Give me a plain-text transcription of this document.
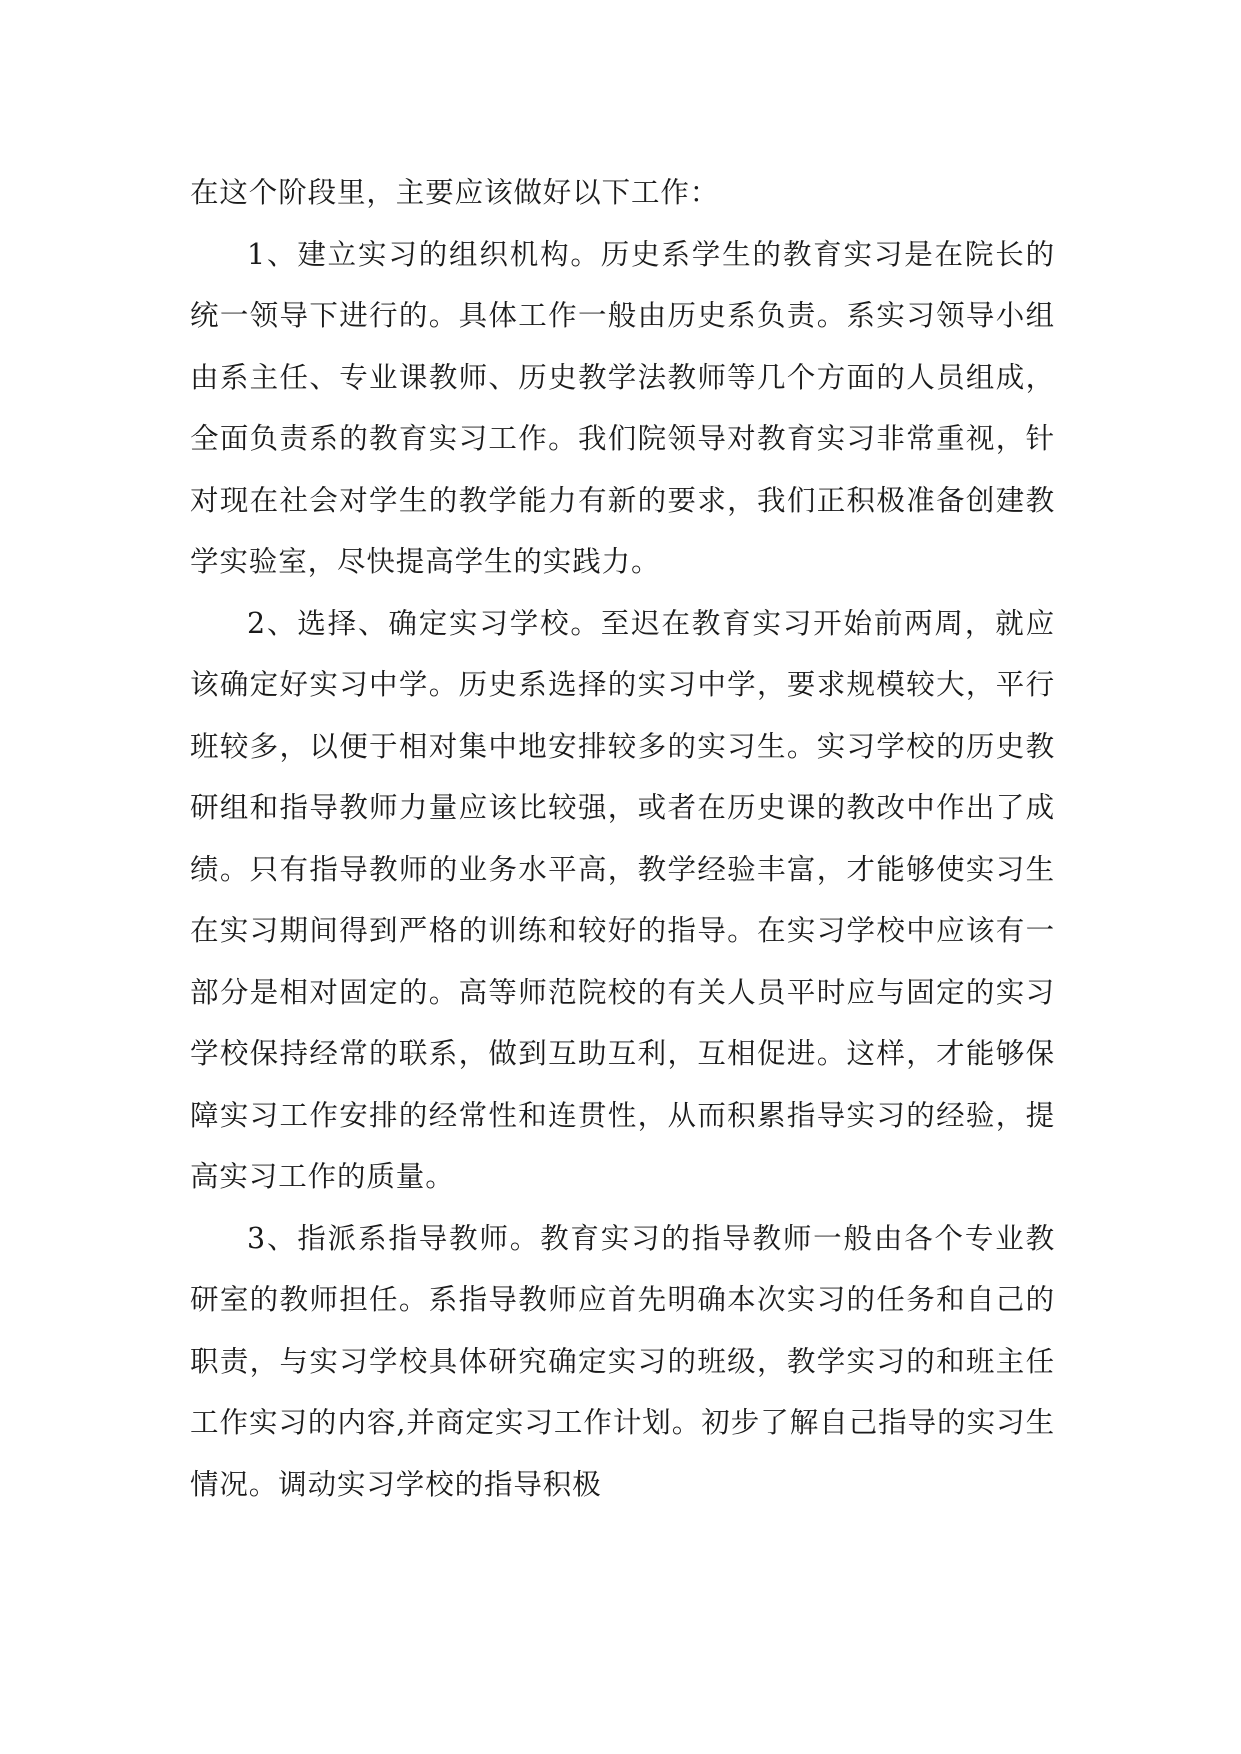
在这个阶段里，主要应该做好以下工作：

1、建立实习的组织机构。历史系学生的教育实习是在院长的统一领导下进行的。具体工作一般由历史系负责。系实习领导小组由系主任、专业课教师、历史教学法教师等几个方面的人员组成，全面负责系的教育实习工作。我们院领导对教育实习非常重视，针对现在社会对学生的教学能力有新的要求，我们正积极准备创建教学实验室，尽快提高学生的实践力。

2、选择、确定实习学校。至迟在教育实习开始前两周，就应该确定好实习中学。历史系选择的实习中学，要求规模较大，平行班较多，以便于相对集中地安排较多的实习生。实习学校的历史教研组和指导教师力量应该比较强，或者在历史课的教改中作出了成绩。只有指导教师的业务水平高，教学经验丰富，才能够使实习生在实习期间得到严格的训练和较好的指导。在实习学校中应该有一部分是相对固定的。高等师范院校的有关人员平时应与固定的实习学校保持经常的联系，做到互助互利，互相促进。这样，才能够保障实习工作安排的经常性和连贯性，从而积累指导实习的经验，提高实习工作的质量。

3、指派系指导教师。教育实习的指导教师一般由各个专业教研室的教师担任。系指导教师应首先明确本次实习的任务和自己的职责，与实习学校具体研究确定实习的班级，教学实习的和班主任工作实习的内容,并商定实习工作计划。初步了解自己指导的实习生情况。调动实习学校的指导积极
